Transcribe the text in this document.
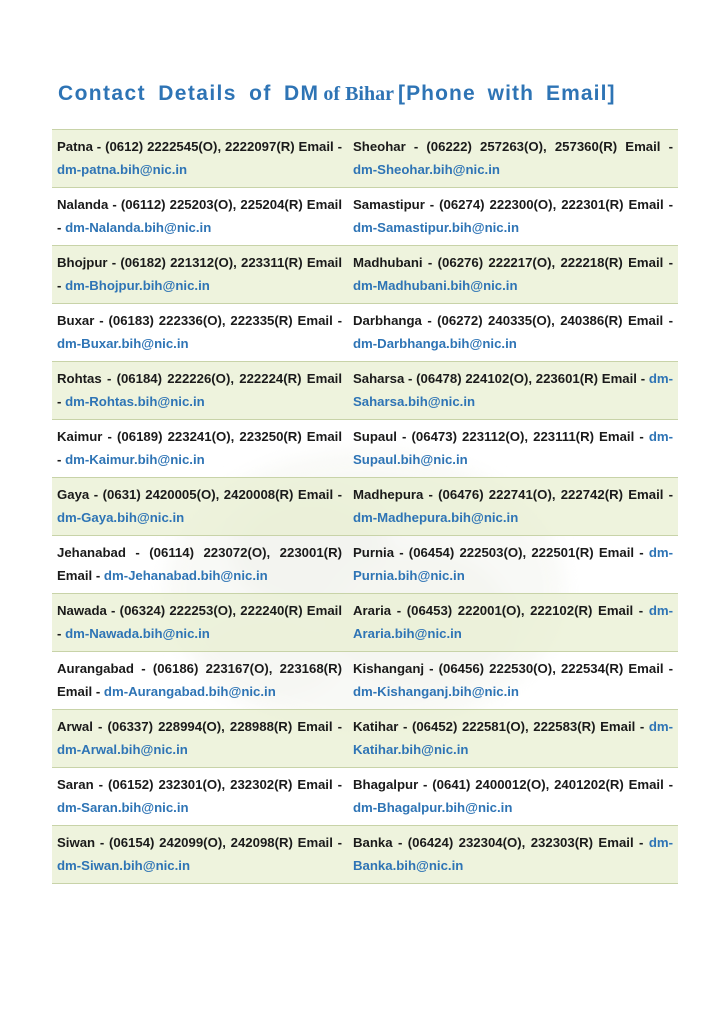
Contact Details of DM of Bihar [Phone with Email]
Patna - (0612) 2222545(O), 2222097(R) Email - dm-patna.bih@nic.in
Sheohar - (06222) 257263(O), 257360(R) Email - dm-Sheohar.bih@nic.in
Nalanda - (06112) 225203(O), 225204(R) Email - dm-Nalanda.bih@nic.in
Samastipur - (06274) 222300(O), 222301(R) Email - dm-Samastipur.bih@nic.in
Bhojpur - (06182) 221312(O), 223311(R) Email - dm-Bhojpur.bih@nic.in
Madhubani - (06276) 222217(O), 222218(R) Email - dm-Madhubani.bih@nic.in
Buxar - (06183) 222336(O), 222335(R) Email - dm-Buxar.bih@nic.in
Darbhanga - (06272) 240335(O), 240386(R) Email - dm-Darbhanga.bih@nic.in
Rohtas - (06184) 222226(O), 222224(R) Email - dm-Rohtas.bih@nic.in
Saharsa - (06478) 224102(O), 223601(R) Email - dm-Saharsa.bih@nic.in
Kaimur - (06189) 223241(O), 223250(R) Email - dm-Kaimur.bih@nic.in
Supaul - (06473) 223112(O), 223111(R) Email - dm-Supaul.bih@nic.in
Gaya - (0631) 2420005(O), 2420008(R) Email - dm-Gaya.bih@nic.in
Madhepura - (06476) 222741(O), 222742(R) Email - dm-Madhepura.bih@nic.in
Jehanabad - (06114) 223072(O), 223001(R) Email - dm-Jehanabad.bih@nic.in
Purnia - (06454) 222503(O), 222501(R) Email - dm-Purnia.bih@nic.in
Nawada - (06324) 222253(O), 222240(R) Email - dm-Nawada.bih@nic.in
Araria - (06453) 222001(O), 222102(R) Email - dm-Araria.bih@nic.in
Aurangabad - (06186) 223167(O), 223168(R) Email - dm-Aurangabad.bih@nic.in
Kishanganj - (06456) 222530(O), 222534(R) Email - dm-Kishanganj.bih@nic.in
Arwal - (06337) 228994(O), 228988(R) Email - dm-Arwal.bih@nic.in
Katihar - (06452) 222581(O), 222583(R) Email - dm-Katihar.bih@nic.in
Saran - (06152) 232301(O), 232302(R) Email - dm-Saran.bih@nic.in
Bhagalpur - (0641) 2400012(O), 2401202(R) Email - dm-Bhagalpur.bih@nic.in
Siwan - (06154) 242099(O), 242098(R) Email - dm-Siwan.bih@nic.in
Banka - (06424) 232304(O), 232303(R) Email - dm-Banka.bih@nic.in
